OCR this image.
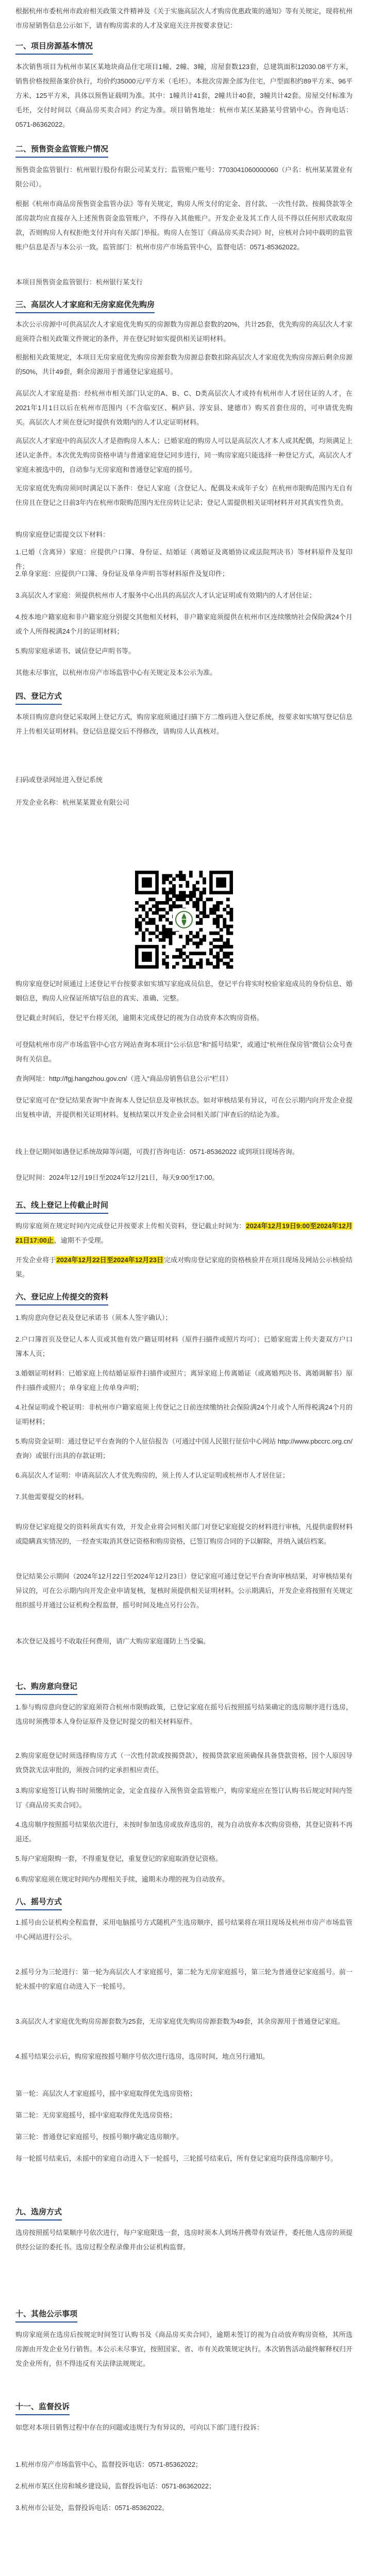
根据杭州市委杭州市政府相关政策文件精神及《关于实施高层次人才购房优惠政策的通知》等有关规定，现将杭州市房屋销售信息公示如下，请有购房需求的人才及家庭关注并按要求登记：

一、项目房源基本情况

本次销售项目为杭州市某区某地块商品住宅项目1幢、2幢、3幢，房屋套数123套，总建筑面积12030.08平方米，销售价格按照备案价执行，均价约35000元/平方米（毛坯）。本批次房源全部为住宅，户型面积约89平方米、96平方米、125平方米，具体以预售证载明为准。其中：1幢共计41套，2幢共计40套，3幢共计42套。房屋交付标准为毛坯，交付时间以《商品房买卖合同》约定为准。项目销售地址：杭州市某区某路某号营销中心。咨询电话：0571-86362022。

二、预售资金监管账户情况

预售资金监管银行：杭州银行股份有限公司某支行；监管账户账号：7703041060000060（户名：杭州某某置业有限公司）。

根据《杭州市商品房预售资金监管办法》等有关规定，购房人所支付的定金、首付款、一次性付款、按揭贷款等全部房款均应直接存入上述预售资金监管账户，不得存入其他账户。开发企业及其工作人员不得以任何形式收取房款，否则购房人有权拒绝支付并向有关部门举报。购房人在签订《商品房买卖合同》时，应核对合同中载明的监管账户信息是否与本公示一致。监管部门：杭州市房产市场监管中心，监督电话：0571-85362022。

本项目预售资金监管银行：杭州银行某支行

三、高层次人才家庭和无房家庭优先购房

本次公示房源中可供高层次人才家庭优先购买的房源数为房源总套数的20%，共计25套，优先购房的高层次人才家庭须符合相关政策文件规定的条件，并在登记时如实提供相关证明材料。

根据相关政策规定，本项目无房家庭优先购房房源套数为房源总套数扣除高层次人才家庭优先购房房源后剩余房源的50%，共计49套，剩余房源用于普通登记家庭摇号。

高层次人才家庭是指：经杭州市相关部门认定的A、B、C、D类高层次人才或持有杭州市人才居住证的人才，在2021年1月1日以后在杭州市范围内（不含临安区、桐庐县、淳安县、建德市）购买首套住房的，可申请优先购买。高层次人才须在登记时提供有效期内的人才认定证明材料。

高层次人才家庭中的高层次人才是指购房人本人；已婚家庭的购房人可以是高层次人才本人或其配偶，均须满足上述认定条件。本次优先购房资格申请与普通家庭登记同步进行，同一购房家庭只能选择一种登记方式，高层次人才家庭未被选中的，自动参与无房家庭和普通登记家庭的摇号。

无房家庭优先购房须同时满足以下条件：登记人家庭（含登记人、配偶及未成年子女）在杭州市限购范围内无自有住房且在登记之日前3年内在杭州市限购范围内无住房转让记录；登记人需提供相关证明材料并对其真实性负责。

购房家庭登记需提交以下材料：

1.已婚（含离异）家庭：应提供户口簿、身份证、结婚证（离婚证及离婚协议或法院判决书）等材料原件及复印件；

2.单身家庭：应提供户口簿、身份证及单身声明书等材料原件及复印件；

3.高层次人才家庭：须提供杭州市人才服务中心出具的高层次人才认定证明或有效期内的人才居住证；

4.按本地户籍家庭和非户籍家庭分别提交其他相关材料，非户籍家庭须提供在杭州市区连续缴纳社会保险满24个月或个人所得税满24个月的证明材料；

5.购房家庭承诺书、诚信登记声明书等。

其他未尽事宜，以杭州市房产市场监管中心有关规定及本公示为准。

四、登记方式

本项目购房意向登记采取网上登记方式，购房家庭须通过扫描下方二维码进入登记系统，按要求如实填写登记信息并上传相关证明材料。登记信息提交后不得修改，请购房人认真核对。

扫码或登录网址进入登记系统

开发企业名称：杭州某某置业有限公司

购房家庭登记时须通过上述登记平台按要求如实填写家庭成员信息，登记平台将实时校验家庭成员的身份信息、婚姻信息，购房人应保证所填写信息的真实、准确、完整。

登记截止时间后，登记平台将关闭，逾期未完成登记的视为自动放弃本次购房资格。

可登陆杭州市房产市场监管中心官方网站查询本项目“公示信息”和“摇号结果”，或通过“杭州住保房管”微信公众号查询有关信息。

查询网址：http://fgj.hangzhou.gov.cn/（进入“商品房销售信息公示”栏目）

登记家庭可在“登记结果查询”中查询本人登记信息及审核状态。如对审核结果有异议，可在公示期内向开发企业提出复核申请，并提供相关证明材料。复核结果以开发企业会同相关部门审查后的结论为准。

线上登记期间如遇登记系统故障等问题，可拨打咨询电话：0571-85362022 或到项目现场咨询。

登记时间：2024年12月19日至2024年12月21日，每天9:00至17:00。

五、线上登记上传截止时间

购房家庭须在规定时间内完成登记并按要求上传相关资料，登记截止时间为：2024年12月19日9:00至2024年12月21日17:00止，逾期不予受理。

开发企业将于2024年12月22日至2024年12月23日完成对购房登记家庭的资格核验并在项目现场及网站公示核验结果。

六、登记应上传提交的资料

1.购房意向登记表及登记承诺书（须本人签字确认）；

2.户口簿首页及登记人本人页或其他有效户籍证明材料（原件扫描件或照片均可）；已婚家庭需上传夫妻双方户口簿本人页；

3.婚姻证明材料：已婚家庭上传结婚证原件扫描件或照片；离异家庭上传离婚证（或离婚判决书、离婚调解书）原件扫描件或照片；单身家庭上传单身声明；

4.社保证明或个税证明：非杭州市户籍家庭须上传登记之日前连续缴纳社会保险满24个月或个人所得税满24个月的证明材料；

5.购房资金证明：通过登记平台查询的个人征信报告（可通过中国人民银行征信中心网站 http://www.pbccrc.org.cn/ 查询）或银行出具的存款证明；

6.高层次人才证明：申请高层次人才优先购房的，须上传人才认定证明或杭州市人才居住证；

7.其他需要提交的材料。

购房登记家庭提交的资料须真实有效，开发企业将会同相关部门对登记家庭提交的材料进行审核，凡提供虚假材料或隐瞒真实情况的，一经查实取消其登记资格和购房资格，已签订购房合同的予以解除，并纳入诚信档案。

登记结果公示期间（2024年12月22日至2024年12月23日）登记家庭可通过登记平台查询审核结果，对审核结果有异议的，可在公示期内向开发企业申请复核，复核时须提供相关证明材料。公示期满后，开发企业将按照有关规定组织摇号并通过公证机构全程监督，摇号时间及地点另行公告。

本次登记及摇号不收取任何费用，请广大购房家庭谨防上当受骗。

七、购房意向登记

1.参与购房意向登记的家庭须符合杭州市限购政策，已登记家庭在摇号后按照摇号结果确定的选房顺序进行选房，选房时须携带本人身份证原件及登记时提交的相关材料原件。

2.购房家庭登记时须选择购房方式（一次性付款或按揭贷款），按揭贷款家庭须确保具备贷款资格，因个人原因导致贷款无法审批的，须按合同约定承担相应责任。

3.购房家庭签订认购书时须缴纳定金，定金直接存入预售资金监管账户，购房家庭应在签订认购书后规定时间内签订《商品房买卖合同》。

4.选房顺序按照摇号结果依次进行，未按时参加选房或放弃选房的，视为自动放弃本次购房资格，其登记资料不再退还。

5.每户家庭限购一套，不得重复登记，重复登记的家庭取消登记资格。

6.购房家庭须在规定时间内办理相关手续，逾期未办理的视为自动放弃。

八、摇号方式

1.摇号由公证机构全程监督，采用电脑摇号方式随机产生选房顺序，摇号结果将在项目现场及杭州市房产市场监管中心网站进行公示。

2.摇号分为三轮进行：第一轮为高层次人才家庭摇号，第二轮为无房家庭摇号，第三轮为普通登记家庭摇号。前一轮未摇中的家庭自动进入下一轮摇号。

3.高层次人才家庭优先购房房源套数为25套，无房家庭优先购房房源套数为49套，其余房源用于普通登记家庭。

4.摇号结果公示后，购房家庭按摇号顺序号依次进行选房，选房时间、地点另行通知。

第一轮：高层次人才家庭摇号，摇中家庭取得优先选房资格；

第二轮：无房家庭摇号，摇中家庭取得优先选房资格；

第三轮：普通登记家庭摇号，按摇号顺序确定选房顺序。

每一轮摇号结束后，未摇中的家庭自动进入下一轮摇号，三轮摇号结束后，所有登记家庭均获得选房顺序号。

九、选房方式

选房按照摇号结果顺序号依次进行，每户家庭限选一套，选房时须本人到场并携带有效证件，委托他人选房的须提供经公证的委托书。选房过程全程录像并由公证机构监督。

十、其他公示事项

购房家庭须在选房后按规定时间签订认购书及《商品房买卖合同》，逾期未签订的视为自动放弃购房资格，其所选房源由开发企业另行销售。本公示未尽事宜，按照国家、省、市有关政策规定执行。本次销售活动最终解释权归开发企业所有，但不得违反有关法律法规规定。

十一、监督投诉

如您对本项目销售过程中存在的问题或违规行为有异议的，可向以下部门进行投诉：

1.杭州市房产市场监管中心，监督投诉电话：0571-85362022；

2.杭州市某区住房和城乡建设局，监督投诉电话：0571-86362022；

3.杭州市公证处，监督投诉电话：0571-85362022。
